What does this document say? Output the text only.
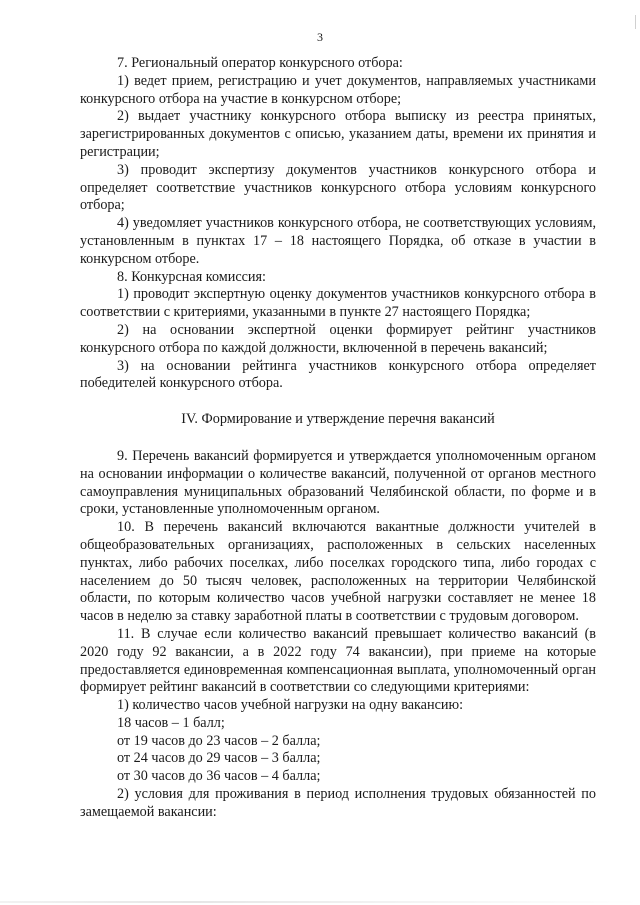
3

7. Региональный оператор конкурсного отбора:

1) ведет прием, регистрацию и учет документов, направляемых участниками конкурсного отбора на участие в конкурсном отборе;

2) выдает участнику конкурсного отбора выписку из реестра принятых, зарегистрированных документов с описью, указанием даты, времени их принятия и регистрации;

3) проводит экспертизу документов участников конкурсного отбора и определяет соответствие участников конкурсного отбора условиям конкурсного отбора;

4) уведомляет участников конкурсного отбора, не соответствующих условиям, установленным в пунктах 17 – 18 настоящего Порядка, об отказе в участии в конкурсном отборе.

8. Конкурсная комиссия:

1) проводит экспертную оценку документов участников конкурсного отбора в соответствии с критериями, указанными в пункте 27 настоящего Порядка;

2) на основании экспертной оценки формирует рейтинг участников конкурсного отбора по каждой должности, включенной в перечень вакансий;

3) на основании рейтинга участников конкурсного отбора определяет победителей конкурсного отбора.

IV. Формирование и утверждение перечня вакансий

9. Перечень вакансий формируется и утверждается уполномоченным органом на основании информации о количестве вакансий, полученной от органов местного самоуправления муниципальных образований Челябинской области, по форме и в сроки, установленные уполномоченным органом.

10. В перечень вакансий включаются вакантные должности учителей в общеобразовательных организациях, расположенных в сельских населенных пунктах, либо рабочих поселках, либо поселках городского типа, либо городах с населением до 50 тысяч человек, расположенных на территории Челябинской области, по которым количество часов учебной нагрузки составляет не менее 18 часов в неделю за ставку заработной платы в соответствии с трудовым договором.

11. В случае если количество вакансий превышает количество вакансий (в 2020 году 92 вакансии, а в 2022 году 74 вакансии), при приеме на которые предоставляется единовременная компенсационная выплата, уполномоченный орган формирует рейтинг вакансий в соответствии со следующими критериями:

1) количество часов учебной нагрузки на одну вакансию:

18 часов – 1 балл;

от 19 часов до 23 часов – 2 балла;

от 24 часов до 29 часов – 3 балла;

от 30 часов до 36 часов – 4 балла;

2) условия для проживания в период исполнения трудовых обязанностей по замещаемой вакансии:
